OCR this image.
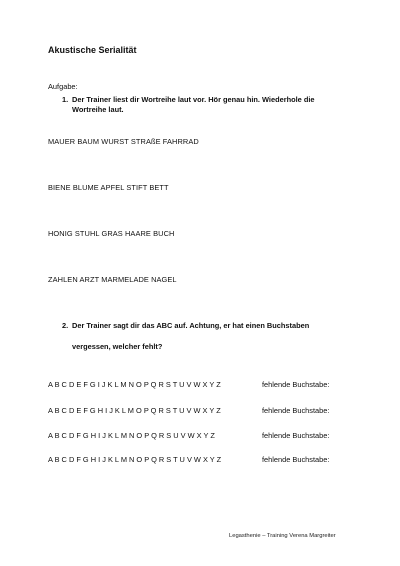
Akustische Serialität
Aufgabe:
1. Der Trainer liest dir Wortreihe laut vor. Hör genau hin. Wiederhole die
Wortreihe laut.
MAUER BAUM WURST STRAßE FAHRRAD
BIENE BLUME APFEL STIFT BETT
HONIG STUHL GRAS HAARE BUCH
ZAHLEN ARZT MARMELADE NAGEL
2. Der Trainer sagt dir das ABC auf. Achtung, er hat einen Buchstaben
vergessen, welcher fehlt?
A B C D E F G I J K L M N O P Q R S T U V W X Y Z	fehlende Buchstabe:
A B C D E F G H I J K L M O P Q R S T U V W X Y Z	fehlende Buchstabe:
A B C D F G H I J K L M N O P Q R S U V W X Y Z	fehlende Buchstabe:
A B C D F G H I J K L M N O P Q R S T U V W X Y Z	fehlende Buchstabe:
Legasthenie – Training Verena Margreiter
